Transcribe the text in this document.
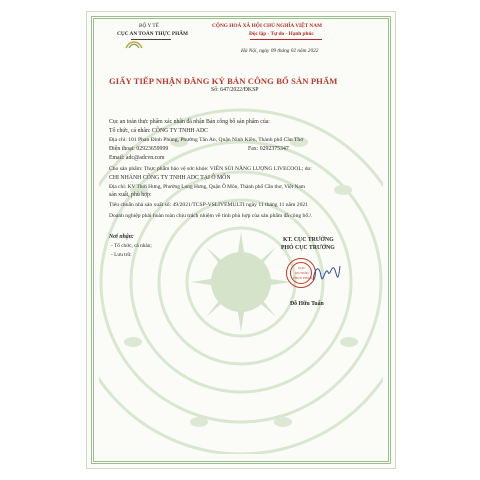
BỘ Y TẾ
CỤC AN TOÀN THỰC PHẨM
CỘNG HOÀ XÃ HỘI CHỦ NGHĨA VIỆT NAM
Độc lập - Tự do - Hạnh phúc
Hà Nội, ngày 09 tháng 02 năm 2022
GIẤY TIẾP NHẬN ĐĂNG KÝ BẢN CÔNG BỐ SẢN PHẨM
Số: 647/2022/ĐKSP
Cục an toàn thực phẩm xác nhận đã nhận Bản công bố sản phẩm của:
Tổ chức, cá nhân: CÔNG TY TNHH ADC
Địa chỉ: 101 Phan Đình Phùng, Phường Tân An, Quận Ninh Kiều, Thành phố Cần Thơ
Điện thoại: 02923659999	Fax: 0292375347
Email: adc@adcvn.com
Cho sản phẩm: Thực phẩm bảo vệ sức khỏe: VIÊN SỦI NĂNG LƯỢNG LIVECOOL; do:
CHI NHÁNH CÔNG TY TNHH ADC TẠI Ô MÔN
Địa chỉ: KV Thới Hưng, Phường Long Hưng, Quận Ô Môn, Thành phố Cần thơ, Việt Nam
sản xuất, phù hợp:
Tiêu chuẩn nhà sản xuất số: 49/2021/TCSP-VSLIVEMULTI ngày 11 tháng 11 năm 2021
Doanh nghiệp phải hoàn toàn chịu trách nhiệm về tính phù hợp của sản phẩm đã công bố./.
Nơi nhận:
- Tổ chức, cá nhân;
- Lưu trữ.
KT. CỤC TRƯỞNG
PHÓ CỤC TRƯỞNG
CỤC
AN TOÀN
THỰC PHẨM
Đỗ Hữu Tuấn
